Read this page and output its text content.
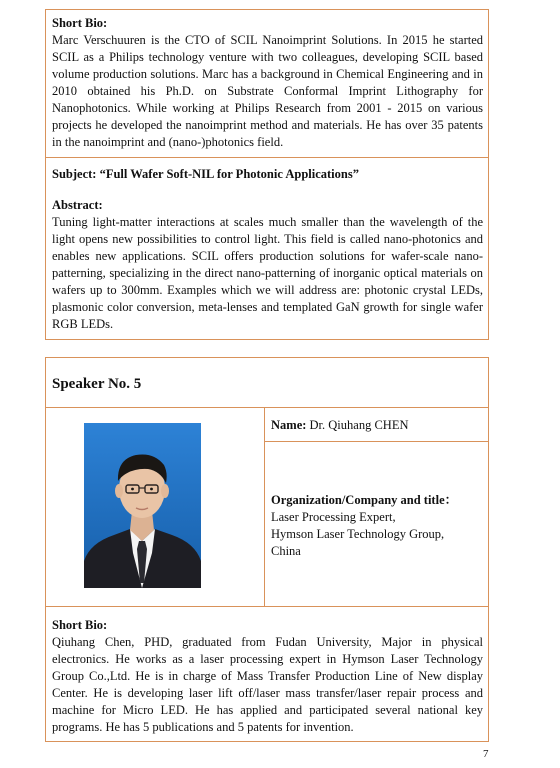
Short Bio:
Marc Verschuuren is the CTO of SCIL Nanoimprint Solutions. In 2015 he started SCIL as a Philips technology venture with two colleagues, developing SCIL based volume production solutions. Marc has a background in Chemical Engineering and in 2010 obtained his Ph.D. on Substrate Conformal Imprint Lithography for Nanophotonics. While working at Philips Research from 2001 - 2015 on various projects he developed the nanoimprint method and materials. He has over 35 patents in the nanoimprint and (nano-)photonics field.
Subject: “Full Wafer Soft-NIL for Photonic Applications”
Abstract:
Tuning light-matter interactions at scales much smaller than the wavelength of the light opens new possibilities to control light. This field is called nano-photonics and enables new applications. SCIL offers production solutions for wafer-scale nano-patterning, specializing in the direct nano-patterning of inorganic optical materials on wafers up to 300mm. Examples which we will address are: photonic crystal LEDs, plasmonic color conversion, meta-lenses and templated GaN growth for single wafer RGB LEDs.
Speaker No. 5
Name: Dr. Qiuhang CHEN
Organization/Company and title：
Laser Processing Expert,
Hymson Laser Technology Group,
China
Short Bio:
Qiuhang Chen, PHD, graduated from Fudan University, Major in physical electronics. He works as a laser processing expert in Hymson Laser Technology Group Co.,Ltd. He is in charge of Mass Transfer Production Line of New display Center. He is developing laser lift off/laser mass transfer/laser repair process and machine for Micro LED. He has applied and participated several national key programs. He has 5 publications and 5 patents for invention.
7
